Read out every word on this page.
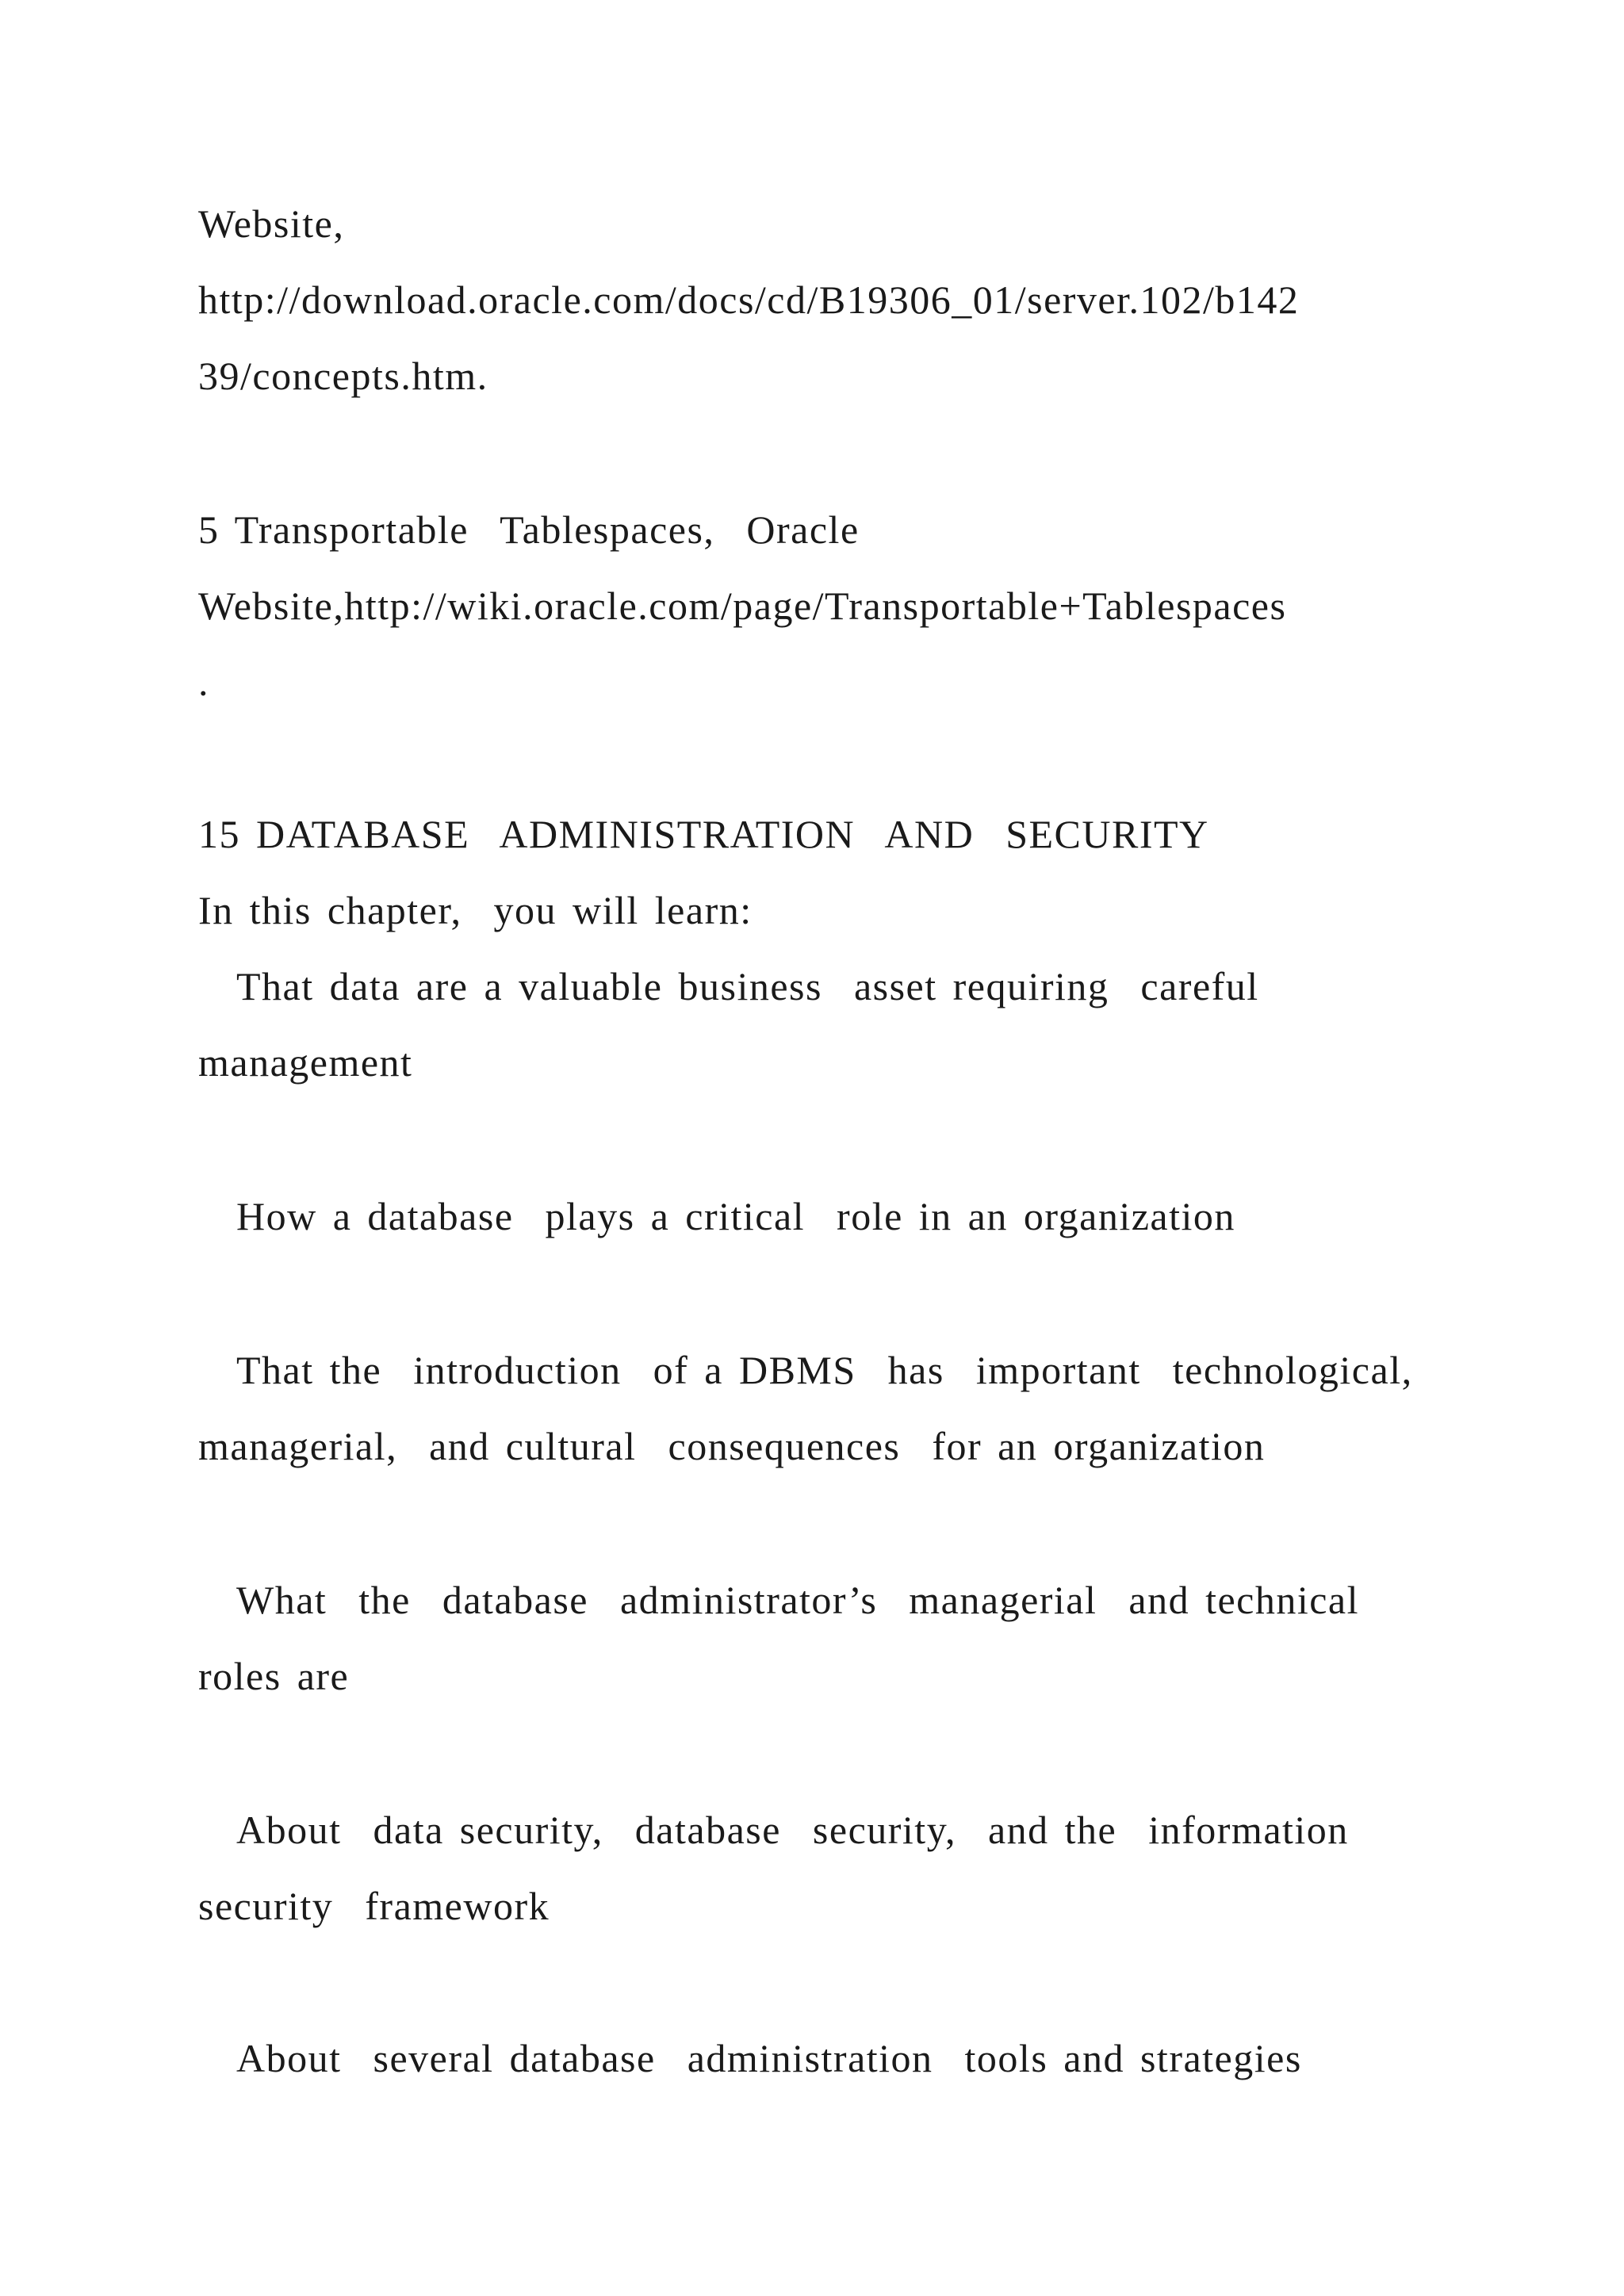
Website,
http://download.oracle.com/docs/cd/B19306_01/server.102/b142
39/concepts.htm.
5 Transportable  Tablespaces,  Oracle
Website,http://wiki.oracle.com/page/Transportable+Tablespaces
.
15 DATABASE  ADMINISTRATION  AND  SECURITY
In this chapter,  you will learn:
That data are a valuable business  asset requiring  careful
management
How a database  plays a critical  role in an organization
That the  introduction  of a DBMS  has  important  technological,
managerial,  and cultural  consequences  for an organization
What  the  database  administrator’s  managerial  and technical
roles are
About  data security,  database  security,  and the  information
security  framework
About  several database  administration  tools and strategies
